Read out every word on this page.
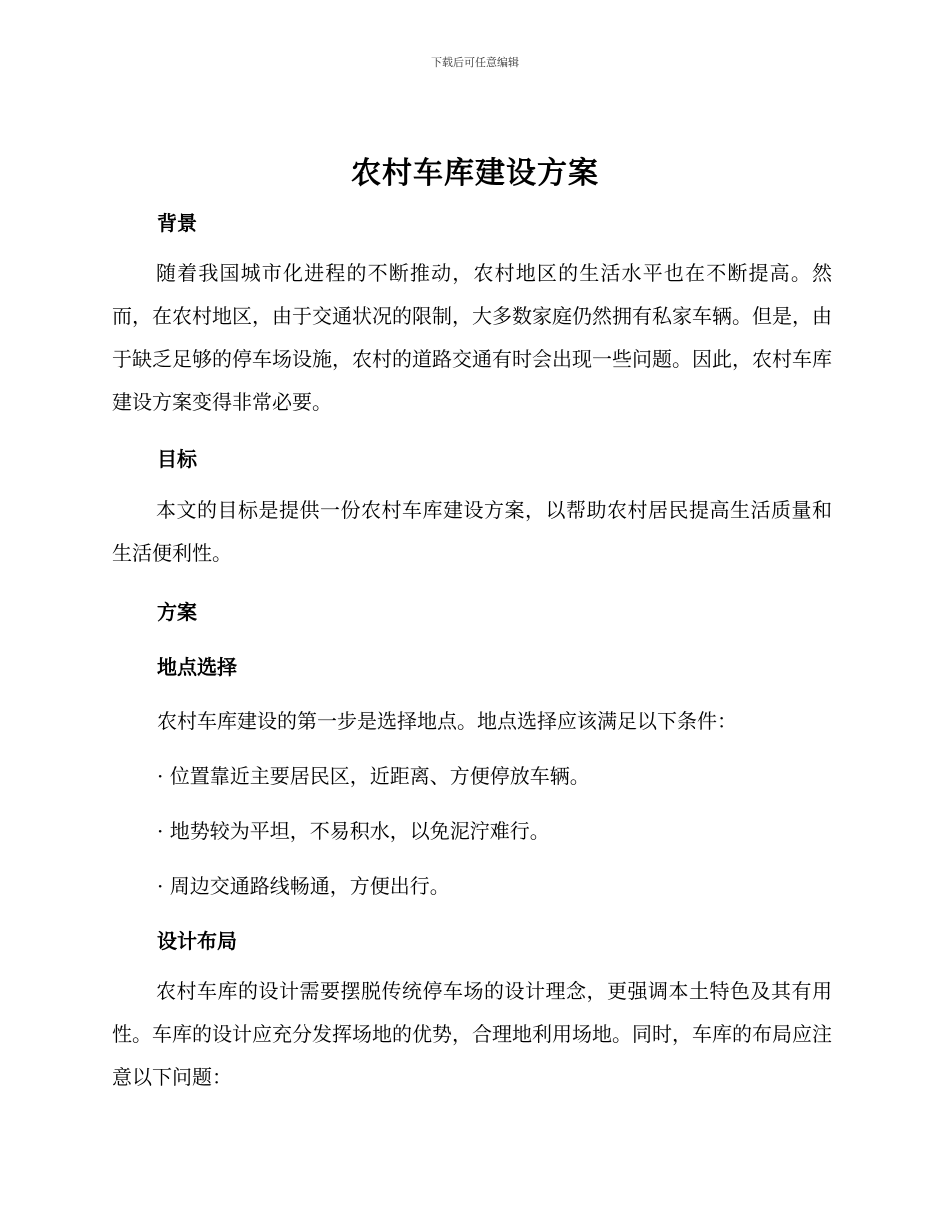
下载后可任意编辑
农村车库建设方案
背景
随着我国城市化进程的不断推动，农村地区的生活水平也在不断提高。然而，在农村地区，由于交通状况的限制，大多数家庭仍然拥有私家车辆。但是，由于缺乏足够的停车场设施，农村的道路交通有时会出现一些问题。因此，农村车库建设方案变得非常必要。
目标
本文的目标是提供一份农村车库建设方案，以帮助农村居民提高生活质量和生活便利性。
方案
地点选择
农村车库建设的第一步是选择地点。地点选择应该满足以下条件：
· 位置靠近主要居民区，近距离、方便停放车辆。
· 地势较为平坦，不易积水，以免泥泞难行。
· 周边交通路线畅通，方便出行。
设计布局
农村车库的设计需要摆脱传统停车场的设计理念，更强调本土特色及其有用性。车库的设计应充分发挥场地的优势，合理地利用场地。同时，车库的布局应注意以下问题：
